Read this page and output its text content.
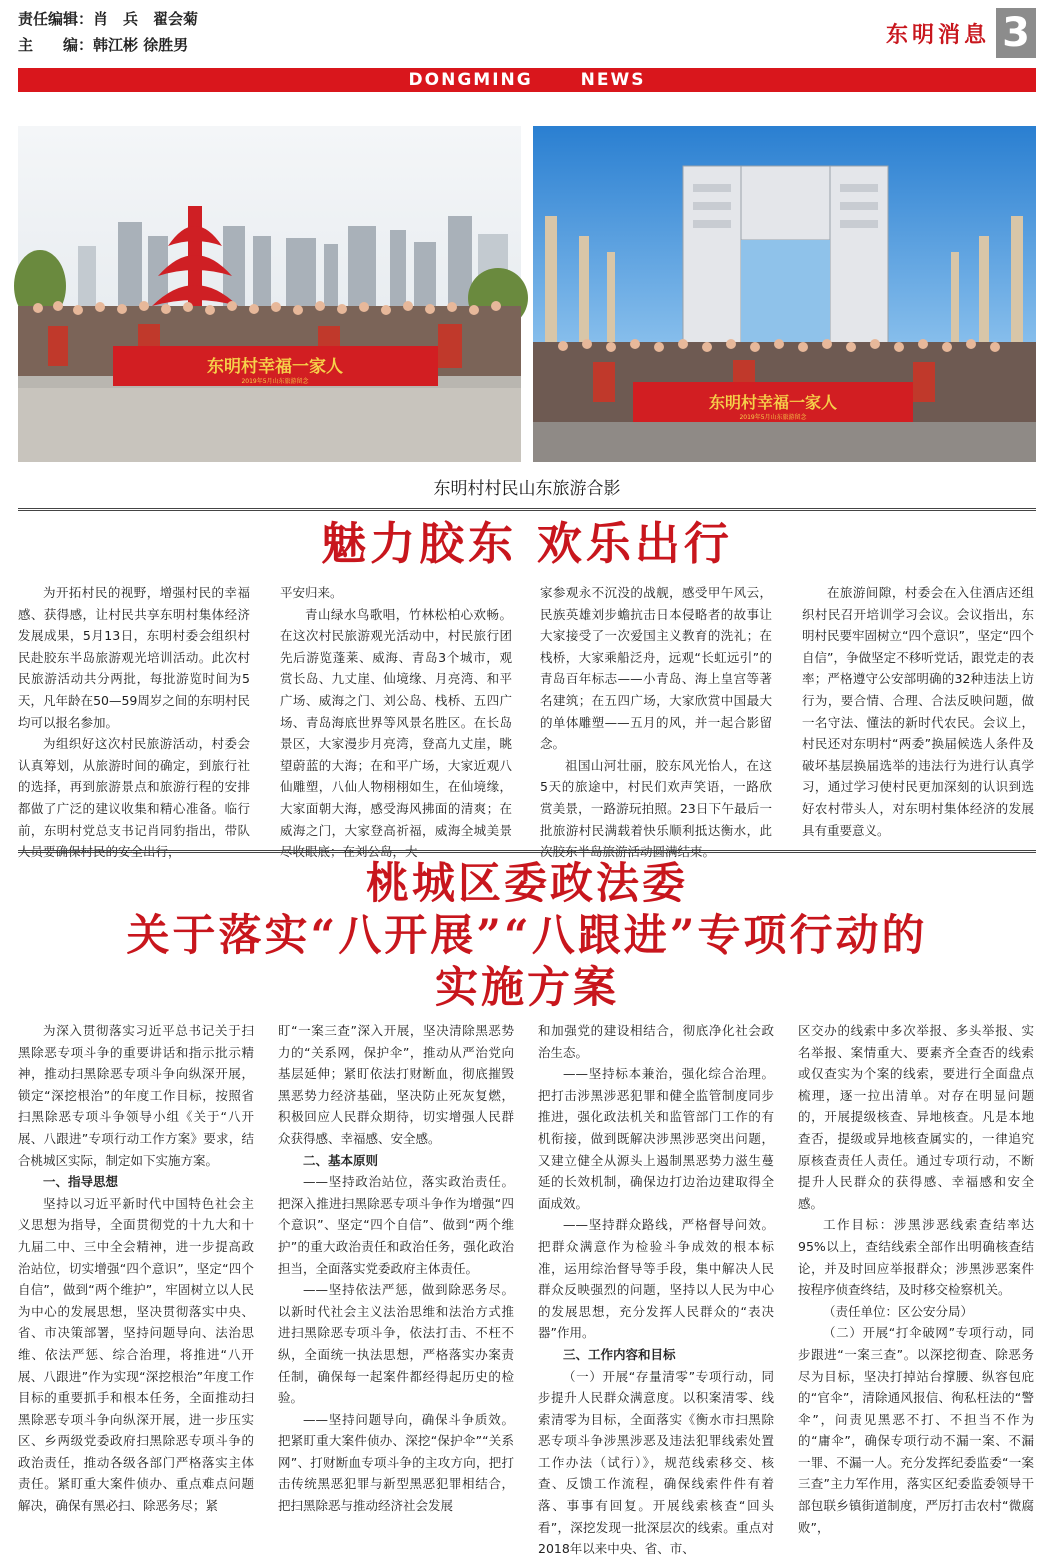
责任编辑：肖　兵　翟会菊
主　　编：韩江彬 徐胜男	东明消息 3
DONGMING NEWS
东明村幸福一家人
2019年5月山东旅游留念
东明村幸福一家人
2019年5月山东旅游留念
东明村村民山东旅游合影
魅力胶东 欢乐出行

为开拓村民的视野，增强村民的幸福感、获得感，让村民共享东明村集体经济发展成果，5月13日，东明村委会组织村民赴胶东半岛旅游观光培训活动。此次村民旅游活动共分两批，每批游览时间为5天，凡年龄在50—59周岁之间的东明村民均可以报名参加。

为组织好这次村民旅游活动，村委会认真筹划，从旅游时间的确定，到旅行社的选择，再到旅游景点和旅游行程的安排都做了广泛的建议收集和精心准备。临行前，东明村党总支书记肖同豹指出，带队人员要确保村民的安全出行，

平安归来。

青山绿水鸟歌唱，竹林松柏心欢畅。在这次村民旅游观光活动中，村民旅行团先后游览蓬莱、威海、青岛3个城市，观赏长岛、九丈崖、仙境缘、月亮湾、和平广场、威海之门、刘公岛、栈桥、五四广场、青岛海底世界等风景名胜区。在长岛景区，大家漫步月亮湾，登高九丈崖，眺望蔚蓝的大海；在和平广场，大家近观八仙雕塑，八仙人物栩栩如生，在仙境缘，大家面朝大海，感受海风拂面的清爽；在威海之门，大家登高祈福，威海全城美景尽收眼底；在刘公岛，大

家参观永不沉没的战舰，感受甲午风云，民族英雄刘步蟾抗击日本侵略者的故事让大家接受了一次爱国主义教育的洗礼；在栈桥，大家乘船泛舟，远观“长虹远引”的青岛百年标志——小青岛、海上皇宫等著名建筑；在五四广场，大家欣赏中国最大的单体雕塑——五月的风，并一起合影留念。

祖国山河壮丽，胶东风光怡人，在这5天的旅途中，村民们欢声笑语，一路欣赏美景，一路游玩拍照。23日下午最后一批旅游村民满载着快乐顺利抵达衡水，此次胶东半岛旅游活动圆满结束。

在旅游间隙，村委会在入住酒店还组织村民召开培训学习会议。会议指出，东明村民要牢固树立“四个意识”，坚定“四个自信”，争做坚定不移听党话，跟党走的表率；严格遵守公安部明确的32种违法上访行为，要合情、合理、合法反映问题，做一名守法、懂法的新时代农民。会议上，村民还对东明村“两委”换届候选人条件及破坏基层换届选举的违法行为进行认真学习，通过学习使村民更加深刻的认识到选好农村带头人，对东明村集体经济的发展具有重要意义。

桃城区委政法委
关于落实“八开展”“八跟进”专项行动的
实施方案

为深入贯彻落实习近平总书记关于扫黑除恶专项斗争的重要讲话和指示批示精神，推动扫黑除恶专项斗争向纵深开展，锁定“深挖根治”的年度工作目标，按照省扫黑除恶专项斗争领导小组《关于“八开展、八跟进”专项行动工作方案》要求，结合桃城区实际，制定如下实施方案。

一、指导思想

坚持以习近平新时代中国特色社会主义思想为指导，全面贯彻党的十九大和十九届二中、三中全会精神，进一步提高政治站位，切实增强“四个意识”，坚定“四个自信”，做到“两个维护”，牢固树立以人民为中心的发展思想，坚决贯彻落实中央、省、市决策部署，坚持问题导向、法治思维、依法严惩、综合治理，将推进“八开展、八跟进”作为实现“深挖根治”年度工作目标的重要抓手和根本任务，全面推动扫黑除恶专项斗争向纵深开展，进一步压实区、乡两级党委政府扫黑除恶专项斗争的政治责任，推动各级各部门严格落实主体责任。紧盯重大案件侦办、重点难点问题解决，确保有黑必扫、除恶务尽；紧

盯“一案三查”深入开展，坚决清除黑恶势力的“关系网，保护伞”，推动从严治党向基层延伸；紧盯依法打财断血，彻底摧毁黑恶势力经济基础，坚决防止死灰复燃，积极回应人民群众期待，切实增强人民群众获得感、幸福感、安全感。

二、基本原则

——坚持政治站位，落实政治责任。把深入推进扫黑除恶专项斗争作为增强“四个意识”、坚定“四个自信”、做到“两个维护”的重大政治责任和政治任务，强化政治担当，全面落实党委政府主体责任。

——坚持依法严惩，做到除恶务尽。以新时代社会主义法治思维和法治方式推进扫黑除恶专项斗争，依法打击、不枉不纵，全面统一执法思想，严格落实办案责任制，确保每一起案件都经得起历史的检验。

——坚持问题导向，确保斗争质效。把紧盯重大案件侦办、深挖“保护伞”“关系网”、打财断血专项斗争的主攻方向，把打击传统黑恶犯罪与新型黑恶犯罪相结合，把扫黑除恶与推动经济社会发展

和加强党的建设相结合，彻底净化社会政治生态。

——坚持标本兼治，强化综合治理。把打击涉黑涉恶犯罪和健全监管制度同步推进，强化政法机关和监管部门工作的有机衔接，做到既解决涉黑涉恶突出问题，又建立健全从源头上遏制黑恶势力滋生蔓延的长效机制，确保边打边治边建取得全面成效。

——坚持群众路线，严格督导问效。把群众满意作为检验斗争成效的根本标准，运用综治督导等手段，集中解决人民群众反映强烈的问题，坚持以人民为中心的发展思想，充分发挥人民群众的“表决器”作用。

三、工作内容和目标

（一）开展“存量清零”专项行动，同步提升人民群众满意度。以积案清零、线索清零为目标，全面落实《衡水市扫黑除恶专项斗争涉黑涉恶及违法犯罪线索处置工作办法（试行）》，规范线索移交、核查、反馈工作流程，确保线索件件有着落、事事有回复。开展线索核查“回头看”，深挖发现一批深层次的线索。重点对2018年以来中央、省、市、

区交办的线索中多次举报、多头举报、实名举报、案情重大、要素齐全查否的线索或仅查实为个案的线索，要进行全面盘点梳理，逐一拉出清单。对存在明显问题的，开展提级核查、异地核查。凡是本地查否，提级或异地核查属实的，一律追究原核查责任人责任。通过专项行动，不断提升人民群众的获得感、幸福感和安全感。

工作目标：涉黑涉恶线索查结率达95%以上，查结线索全部作出明确核查结论，并及时回应举报群众；涉黑涉恶案件按程序侦查终结，及时移交检察机关。

（责任单位：区公安分局）

（二）开展“打伞破网”专项行动，同步跟进“一案三查”。以深挖彻查、除恶务尽为目标，坚决打掉站台撑腰、纵容包庇的“官伞”，清除通风报信、徇私枉法的“警伞”，问责见黑恶不打、不担当不作为的“庸伞”，确保专项行动不漏一案、不漏一罪、不漏一人。充分发挥纪委监委“一案三查”主力军作用，落实区纪委监委领导干部包联乡镇街道制度，严厉打击农村“微腐败”，
